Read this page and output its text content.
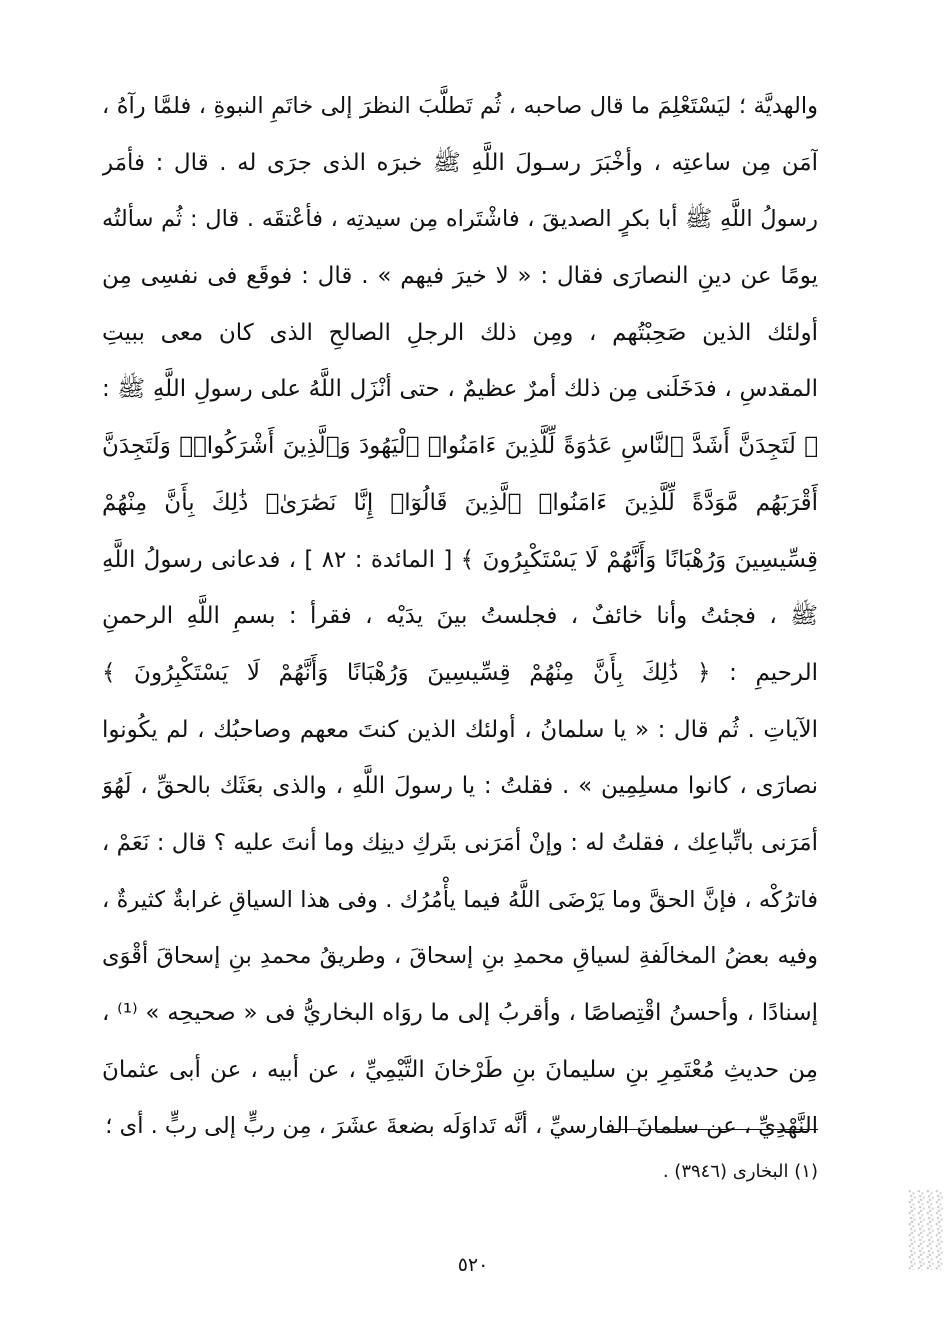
والهديَّة ؛ ليَسْتَعْلِمَ ما قال صاحبه ، ثُم تَطلَّبَ النظرَ إلى خاتَمِ النبوةِ ، فلمَّا رآهُ ،
آمَن مِن ساعتِه ، وأخْبَرَ رسـولَ اللَّهِ ﷺ خبرَه الذى جرَى له . قال : فأمَر
رسولُ اللَّهِ ﷺ أبا بكرٍ الصديقَ ، فاشْتَراه مِن سيدتِه ، فأعْتقَه . قال : ثُم سألتُه
يومًا عن دينِ النصارَى فقال : « لا خيرَ فيهم » . قال : فوقَع فى نفسِى مِن
أولئك الذين صَحِبْتُهم ، ومِن ذلك الرجلِ الصالحِ الذى كان معى ببيتِ
المقدسِ ، فدَخَلَنى مِن ذلك أمرٌ عظيمٌ ، حتى أنْزَل اللَّهُ على رسولِ اللَّهِ ﷺ :
﴿ لَتَجِدَنَّ أَشَدَّ ٱلنَّاسِ عَدَٰوَةً لِّلَّذِينَ ءَامَنُوا۟ ٱلْيَهُودَ وَٱلَّذِينَ أَشْرَكُوا۟ۖ وَلَتَجِدَنَّ
أَقْرَبَهُم مَّوَدَّةً لِّلَّذِينَ ءَامَنُوا۟ ٱلَّذِينَ قَالُوٓا۟ إِنَّا نَصَٰرَىٰۚ ذَٰلِكَ بِأَنَّ مِنْهُمْ
قِسِّيسِينَ وَرُهْبَانًا وَأَنَّهُمْ لَا يَسْتَكْبِرُونَ ﴾ [ المائدة : ٨٢ ] ، فدعانى رسولُ اللَّهِ
ﷺ ، فجئتُ وأنا خائفٌ ، فجلستُ بينَ يدَيْه ، فقرأ : بسمِ اللَّهِ الرحمنِ
الرحيمِ : ﴿ ذَٰلِكَ بِأَنَّ مِنْهُمْ قِسِّيسِينَ وَرُهْبَانًا وَأَنَّهُمْ لَا يَسْتَكْبِرُونَ ﴾
الآياتِ . ثُم قال : « يا سلمانُ ، أولئك الذين كنتَ معهم وصاحبُك ، لم يكُونوا
نصارَى ، كانوا مسلِمِين » . فقلتُ : يا رسولَ اللَّهِ ، والذى بعَثَك بالحقِّ ، لَهُوَ
أمَرَنى باتِّباعِك ، فقلتُ له : وإنْ أمَرَنى بتَركِ دينِك وما أنتَ عليه ؟ قال : نَعَمْ ،
فاترُكْه ، فإنَّ الحقَّ وما يَرْضَى اللَّهُ فيما يأْمُرُك . وفى هذا السياقِ غرابةٌ كثيرةٌ ،
وفيه بعضُ المخالَفةِ لسياقِ محمدِ بنِ إسحاقَ ، وطريقُ محمدِ بنِ إسحاقَ أقْوَى
إسنادًا ، وأحسنُ اقْتِصاصًا ، وأقربُ إلى ما روَاه البخاريُّ فى « صحيحِه » ⁽¹⁾ ،
مِن حديثِ مُعْتَمِرِ بنِ سليمانَ بنِ طَرْخانَ التَّيْمِيِّ ، عن أبيه ، عن أبى عثمانَ
النَّهْدِيِّ ، عن سلمانَ الفارسيِّ ، أنَّه تَداوَلَه بضعةَ عشَرَ ، مِن ربٍّ إلى ربٍّ . أى ؛
(١) البخارى (٣٩٤٦) .
٥٢٠
